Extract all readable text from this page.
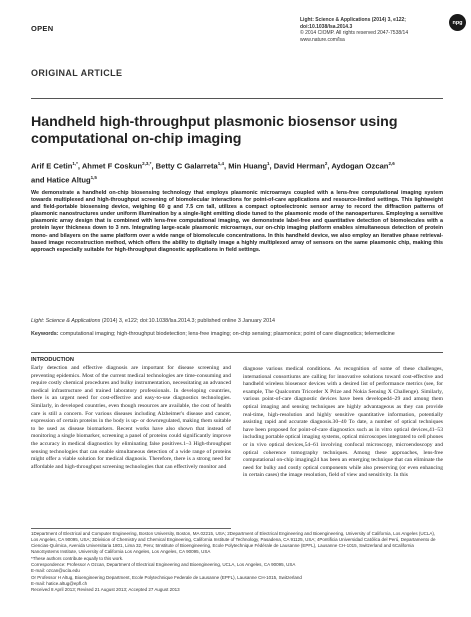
OPEN
Light: Science & Applications (2014) 3, e122; doi:10.1038/lsa.2014.3
© 2014 CIOMP. All rights reserved 2047-7538/14
www.nature.com/lsa
npg
ORIGINAL ARTICLE
Handheld high-throughput plasmonic biosensor using computational on-chip imaging
Arif E Cetin$^{1,*}$, Ahmet F Coskun$^{2,3,*}$, Betty C Galarreta$^{1,4}$, Min Huang$^1$, David Herman$^2$, Aydogan Ozcan$^{2,6}$
and Hatice Altug$^{1,5}$
We demonstrate a handheld on-chip biosensing technology that employs plasmonic microarrays coupled with a lens-free computational imaging system towards multiplexed and high-throughput screening of biomolecular interactions for point-of-care applications and resource-limited settings. This lightweight and field-portable biosensing device, weighing 60 g and 7.5 cm tall, utilizes a compact optoelectronic sensor array to record the diffraction patterns of plasmonic nanostructures under uniform illumination by a single-light emitting diode tuned to the plasmonic mode of the nanoapertures. Employing a sensitive plasmonic array design that is combined with lens-free computational imaging, we demonstrate label-free and quantitative detection of biomolecules with a protein layer thickness down to 3 nm. Integrating large-scale plasmonic microarrays, our on-chip imaging platform enables simultaneous detection of protein mono- and bilayers on the same platform over a wide range of biomolecule concentrations. In this handheld device, we also employ an iterative phase retrieval-based image reconstruction method, which offers the ability to digitally image a highly multiplexed array of sensors on the same plasmonic chip, making this approach especially suitable for high-throughput diagnostic applications in field settings.
Light: Science & Applications (2014) 3, e122; doi:10.1038/lsa.2014.3; published online 3 January 2014
Keywords: computational imaging; high-throughput biodetection; lens-free imaging; on-chip sensing; plasmonics; point of care diagnostics; telemedicine
INTRODUCTION
Early detection and effective diagnosis are important for disease screening and preventing epidemics. Most of the current medical technologies are time-consuming and require costly chemical procedures and bulky instrumentation, necessitating an advanced medical infrastructure and trained laboratory professionals. In developing countries, there is an urgent need for cost-effective and easy-to-use diagnostics technologies. Similarly, in developed countries, even though resources are available, the cost of health care is still a concern. For various diseases including Alzheimer's disease and cancer, expression of certain proteins in the body is up- or downregulated, making them suitable to be used as disease biomarkers. Recent works have also shown that instead of monitoring a single biomarker, screening a panel of proteins could significantly improve the accuracy in medical diagnostics by eliminating false positives.1–3 High-throughput sensing technologies that can enable simultaneous detection of a wide range of proteins might offer a viable solution for medical diagnosis. Therefore, there is a strong need for affordable and high-throughput screening technologies that can effectively monitor and
diagnose various medical conditions. As recognition of some of these challenges, international consortiums are calling for innovative solutions toward cost-effective and handheld wireless biosensor devices with a desired list of performance metrics (see, for example, The Qualcomm Tricorder X Prize and Nokia Sensing X Challenge). Similarly, various point-of-care diagnostic devices have been developed4–29 and among them optical imaging and sensing techniques are highly advantageous as they can provide real-time, high-resolution and highly sensitive quantitative information, potentially assisting rapid and accurate diagnosis.30–40 To date, a number of optical techniques have been proposed for point-of-care diagnostics such as in vitro optical devices,41–53 including portable optical imaging systems, optical microscopes integrated to cell phones or in vivo optical devices,54–61 involving confocal microscopy, microendoscopy and optical coherence tomography techniques. Among these approaches, lens-free computational on-chip imaging24 has been an emerging technique that can eliminate the need for bulky and costly optical components while also preserving (or even enhancing in certain cases) the image resolution, field of view and sensitivity. In this

1Department of Electrical and Computer Engineering, Boston University, Boston, MA 02215, USA; 2Department of Electrical Engineering and Bioengineering, University of California, Los Angeles (UCLA), Los Angeles, CA 90095, USA; 3Division of Chemistry and Chemical Engineering, California Institute of Technology, Pasadena, CA 91125, USA; 4Pontificia Universidad Católica del Perú, Departamento de Ciencias-Química, Avenida Universitaria 1801, Lima 32, Peru; 5Institute of Bioengineering, Ecole Polytechnique Fédérale de Lausanne (EPFL), Lausanne CH-1015, Switzerland and 6California NanoSystems Institute, University of California Los Angeles, Los Angeles, CA 90095, USA

*These authors contribute equally to this work.

Correspondence: Professor A Ozcan, Department of Electrical Engineering and Bioengineering, UCLA, Los Angeles, CA 90095, USA

E-mail: ozcan@ucla.edu

Or Professor H Altug, Bioengineering Department, Ecole Polytechnique Federale de Lausanne (EPFL), Lausanne CH-1015, Switzerland

E-mail: hatice.altug@epfl.ch

Received 8 April 2013; Revised 21 August 2013; Accepted 27 August 2013
